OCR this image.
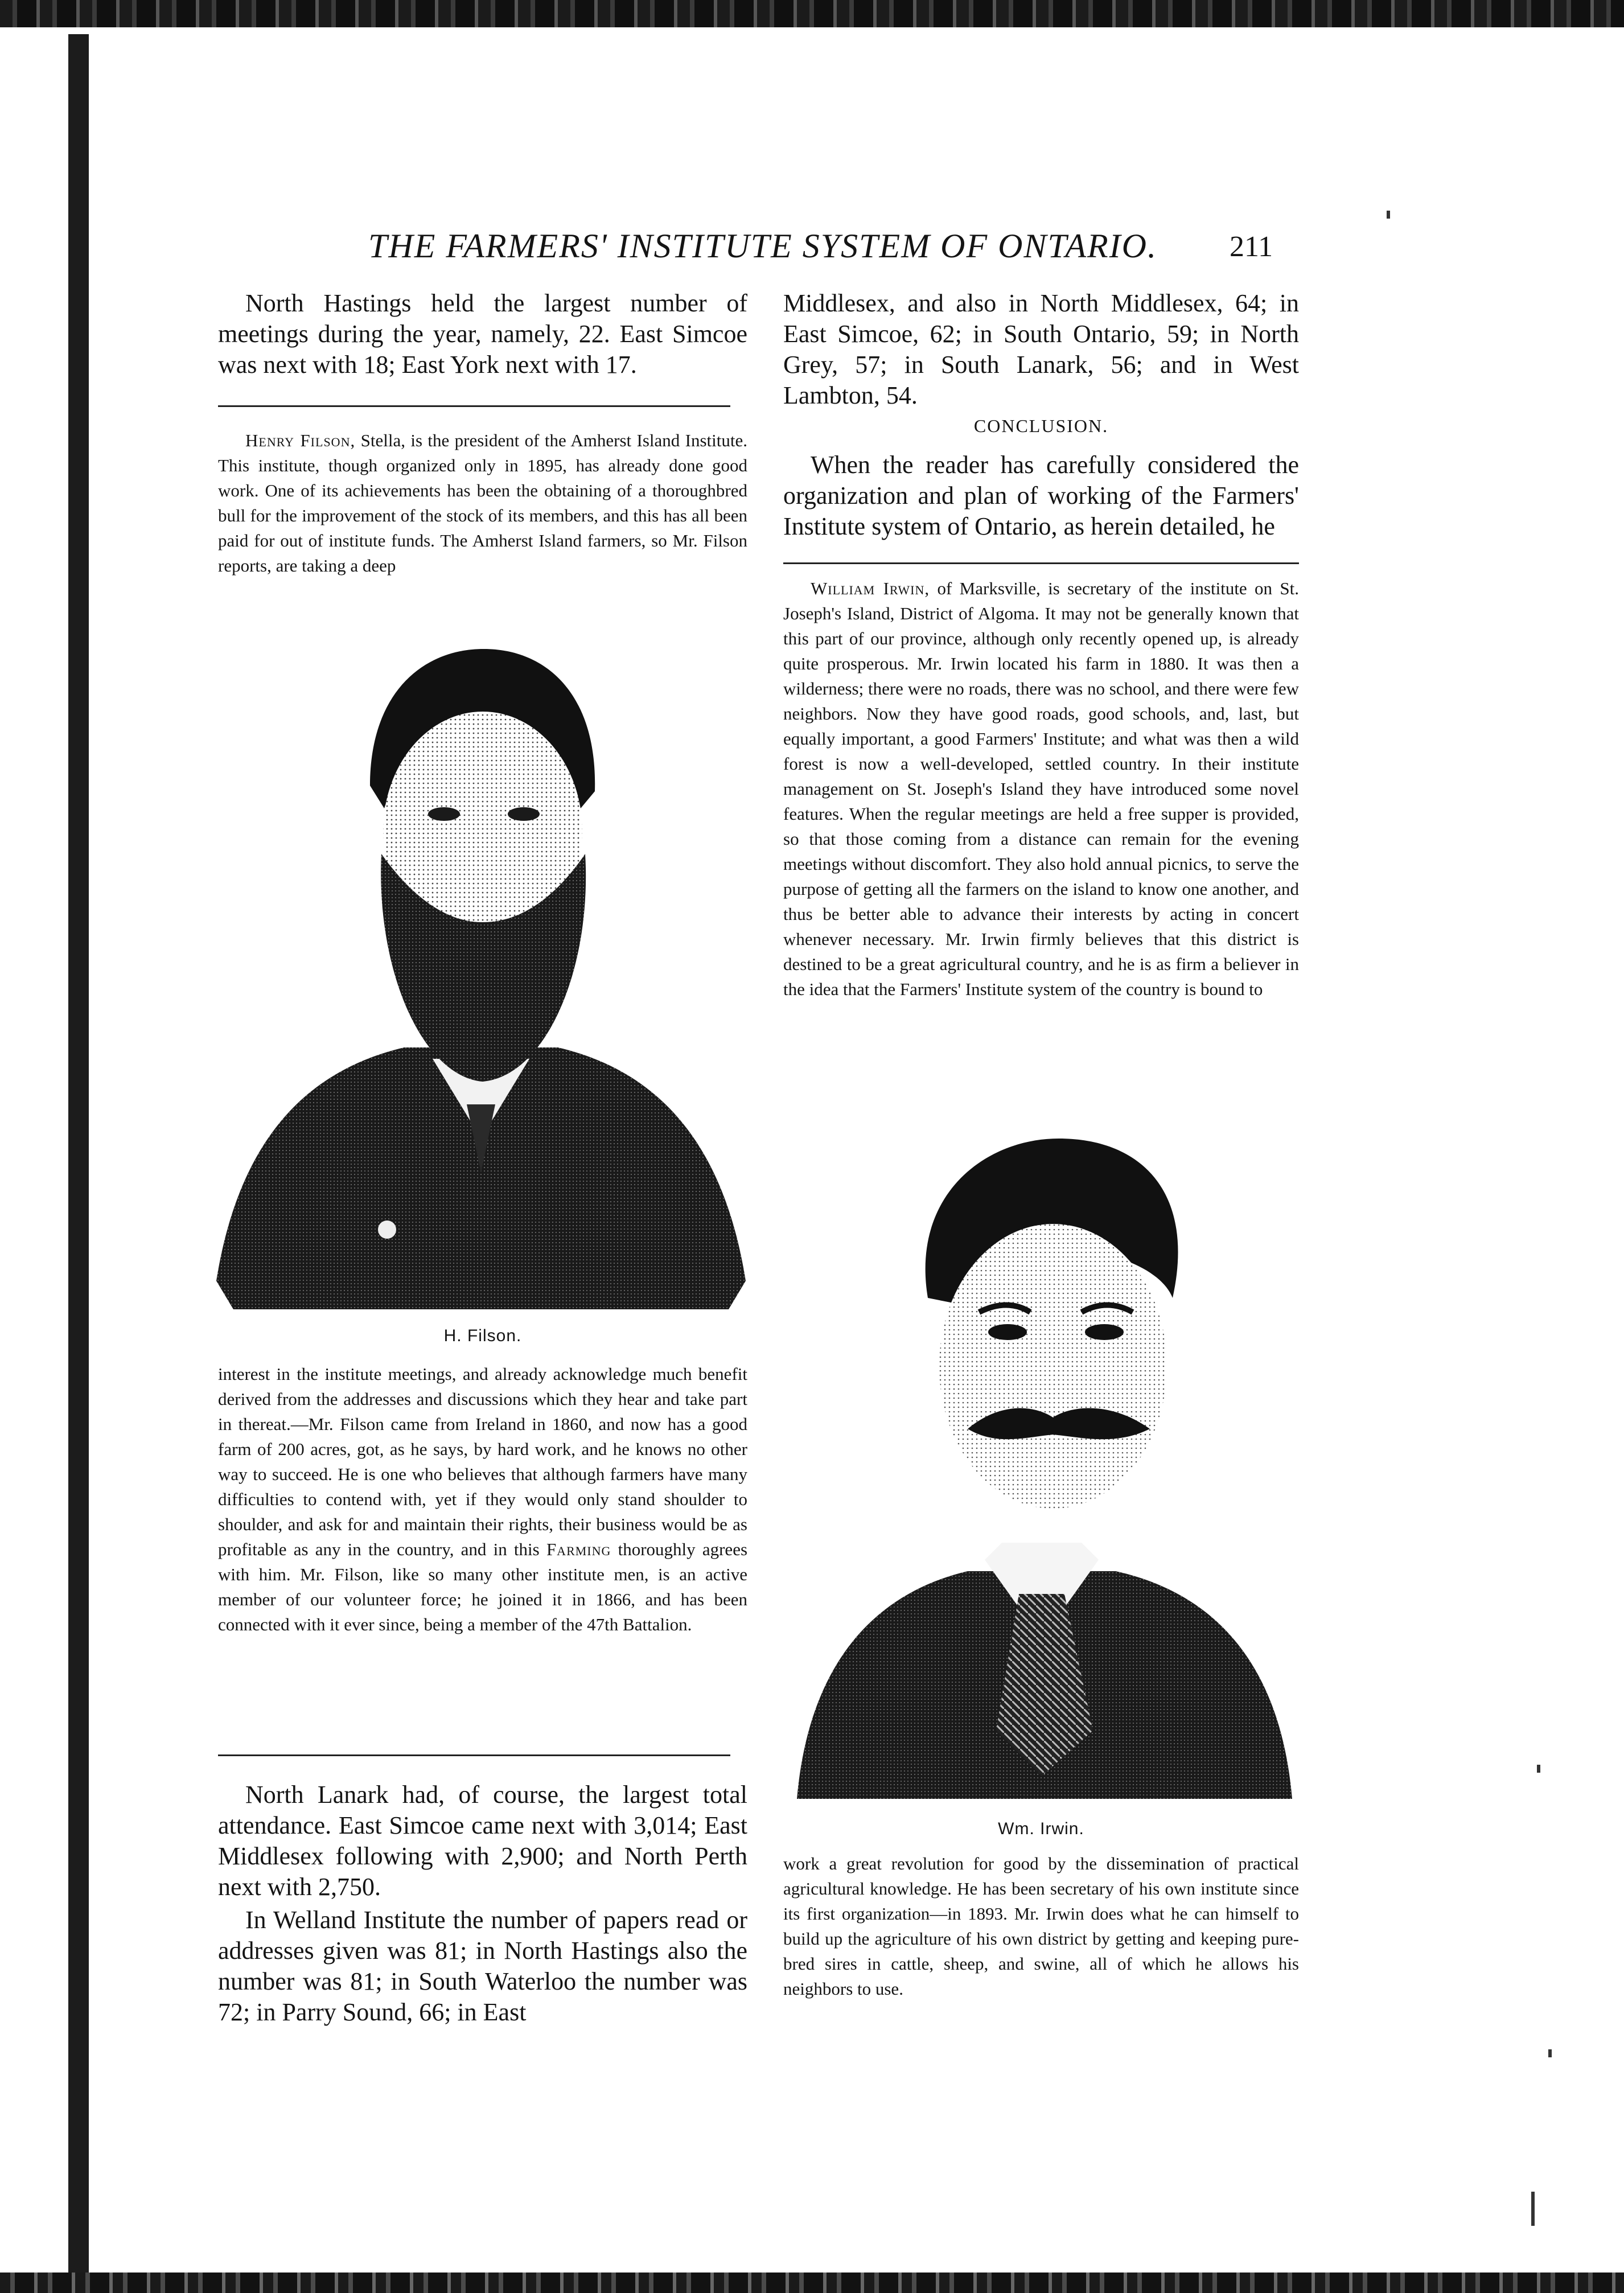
THE FARMERS' INSTITUTE SYSTEM OF ONTARIO.	211

North Hastings held the largest number of meetings during the year, namely, 22. East Simcoe was next with 18; East York next with 17.

Henry Filson, Stella, is the president of the Amherst Island Institute. This institute, though organized only in 1895, has already done good work. One of its achievements has been the obtaining of a thoroughbred bull for the improvement of the stock of its members, and this has all been paid for out of institute funds. The Amherst Island farmers, so Mr. Filson reports, are taking a deep

H. Filson.

interest in the institute meetings, and already acknowledge much benefit derived from the addresses and discussions which they hear and take part in thereat.—Mr. Filson came from Ireland in 1860, and now has a good farm of 200 acres, got, as he says, by hard work, and he knows no other way to succeed. He is one who believes that although farmers have many difficulties to contend with, yet if they would only stand shoulder to shoulder, and ask for and maintain their rights, their business would be as profitable as any in the country, and in this Farming thoroughly agrees with him. Mr. Filson, like so many other institute men, is an active member of our volunteer force; he joined it in 1866, and has been connected with it ever since, being a member of the 47th Battalion.

North Lanark had, of course, the largest total attendance. East Simcoe came next with 3,014; East Middlesex following with 2,900; and North Perth next with 2,750.

In Welland Institute the number of papers read or addresses given was 81; in North Hastings also the number was 81; in South Waterloo the number was 72; in Parry Sound, 66; in East

Middlesex, and also in North Middlesex, 64; in East Simcoe, 62; in South Ontario, 59; in North Grey, 57; in South Lanark, 56; and in West Lambton, 54.

CONCLUSION.

When the reader has carefully considered the organization and plan of working of the Farmers' Institute system of Ontario, as herein detailed, he

William Irwin, of Marksville, is secretary of the institute on St. Joseph's Island, District of Algoma. It may not be generally known that this part of our province, although only recently opened up, is already quite prosperous. Mr. Irwin located his farm in 1880. It was then a wilderness; there were no roads, there was no school, and there were few neighbors. Now they have good roads, good schools, and, last, but equally important, a good Farmers' Institute; and what was then a wild forest is now a well-developed, settled country. In their institute management on St. Joseph's Island they have introduced some novel features. When the regular meetings are held a free supper is provided, so that those coming from a distance can remain for the evening meetings without discomfort. They also hold annual picnics, to serve the purpose of getting all the farmers on the island to know one another, and thus be better able to advance their interests by acting in concert whenever necessary. Mr. Irwin firmly believes that this district is destined to be a great agricultural country, and he is as firm a believer in the idea that the Farmers' Institute system of the country is bound to

Wm. Irwin.

work a great revolution for good by the dissemination of practical agricultural knowledge. He has been secretary of his own institute since its first organization—in 1893. Mr. Irwin does what he can himself to build up the agriculture of his own district by getting and keeping pure-bred sires in cattle, sheep, and swine, all of which he allows his neighbors to use.
